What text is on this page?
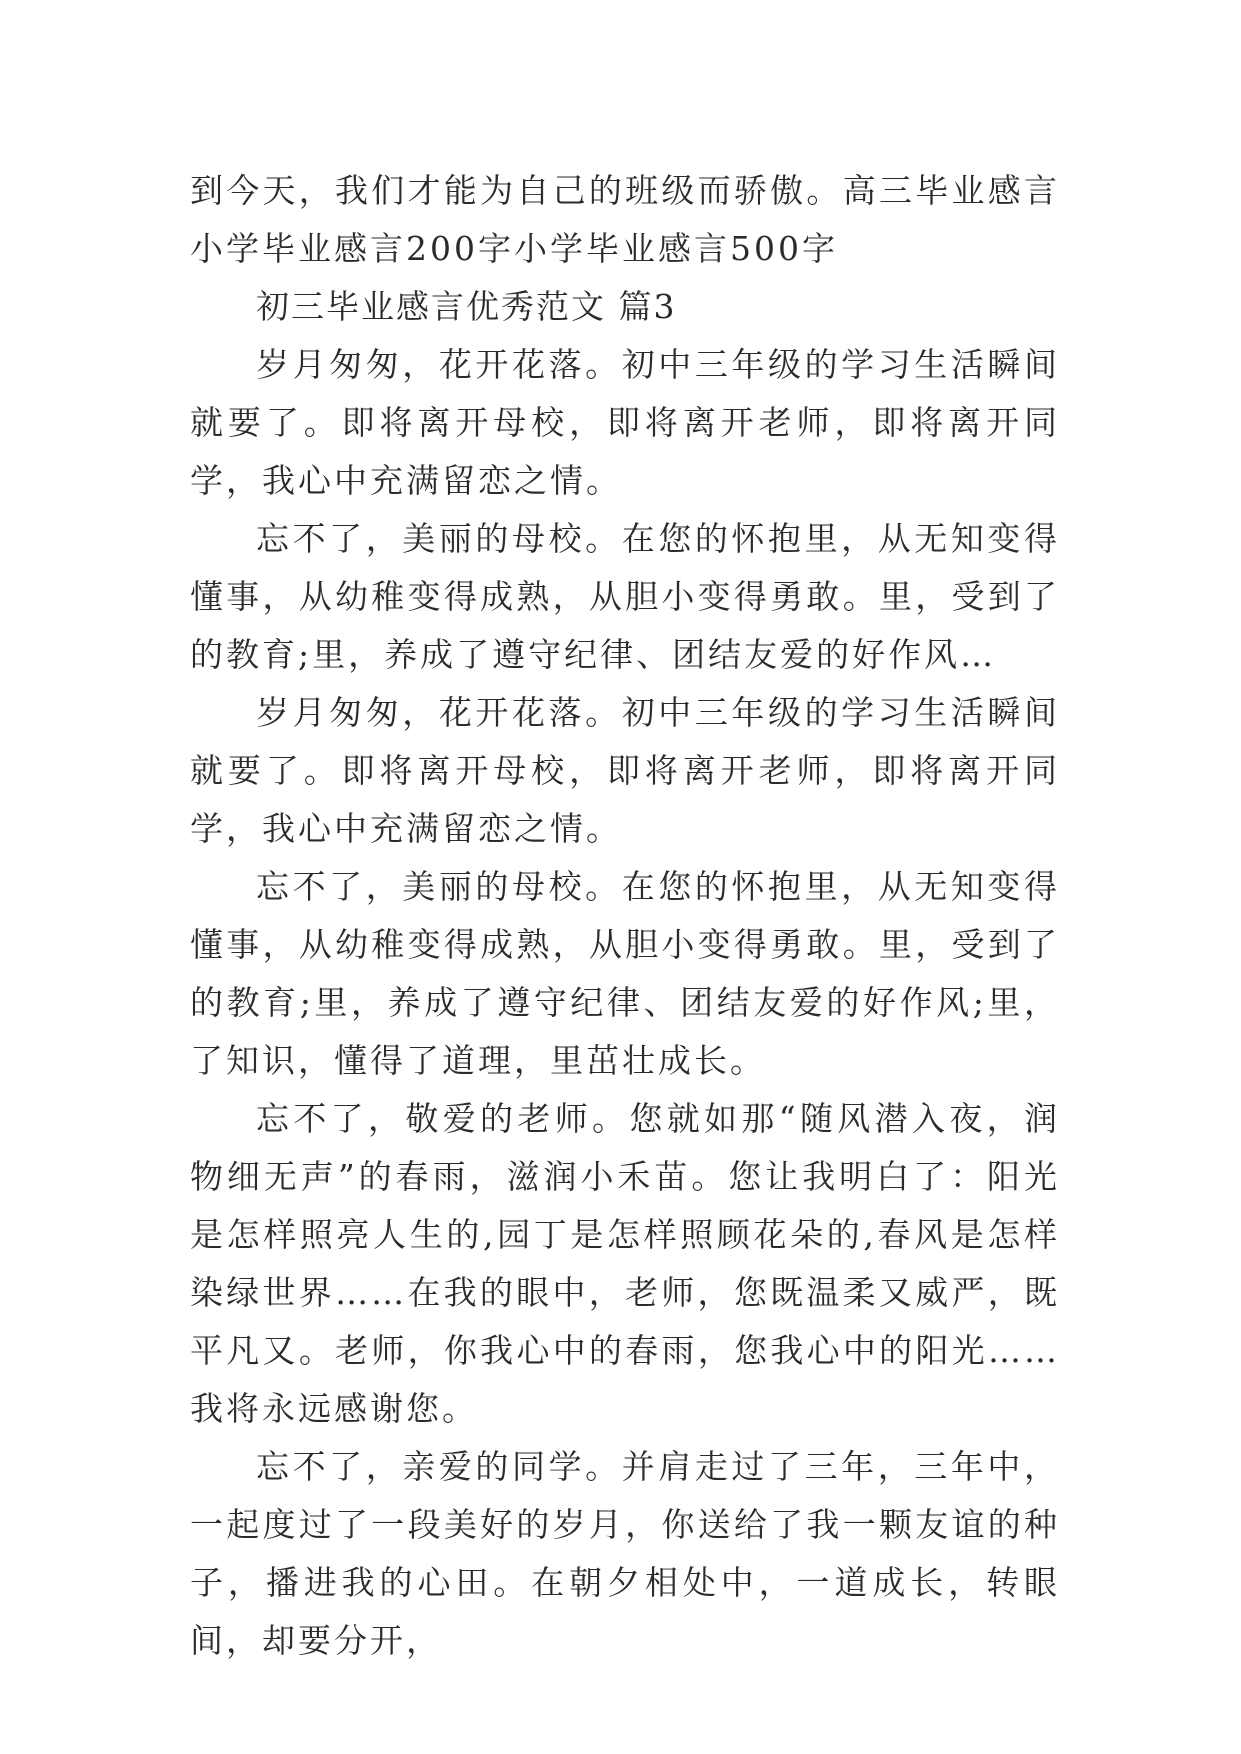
到今天，我们才能为自己的班级而骄傲。高三毕业感言小学毕业感言200字小学毕业感言500字

初三毕业感言优秀范文 篇3

岁月匆匆，花开花落。初中三年级的学习生活瞬间就要了。即将离开母校，即将离开老师，即将离开同学，我心中充满留恋之情。

忘不了，美丽的母校。在您的怀抱里，从无知变得懂事，从幼稚变得成熟，从胆小变得勇敢。里，受到了的教育;里，养成了遵守纪律、团结友爱的好作风…

岁月匆匆，花开花落。初中三年级的学习生活瞬间就要了。即将离开母校，即将离开老师，即将离开同学，我心中充满留恋之情。

忘不了，美丽的母校。在您的怀抱里，从无知变得懂事，从幼稚变得成熟，从胆小变得勇敢。里，受到了的教育;里，养成了遵守纪律、团结友爱的好作风;里，了知识，懂得了道理，里茁壮成长。

忘不了，敬爱的老师。您就如那“随风潜入夜，润物细无声”的春雨，滋润小禾苗。您让我明白了：阳光是怎样照亮人生的,园丁是怎样照顾花朵的,春风是怎样染绿世界……在我的眼中，老师，您既温柔又威严，既平凡又。老师，你我心中的春雨，您我心中的阳光……我将永远感谢您。

忘不了，亲爱的同学。并肩走过了三年，三年中，一起度过了一段美好的岁月，你送给了我一颗友谊的种子，播进我的心田。在朝夕相处中，一道成长，转眼间，却要分开，
